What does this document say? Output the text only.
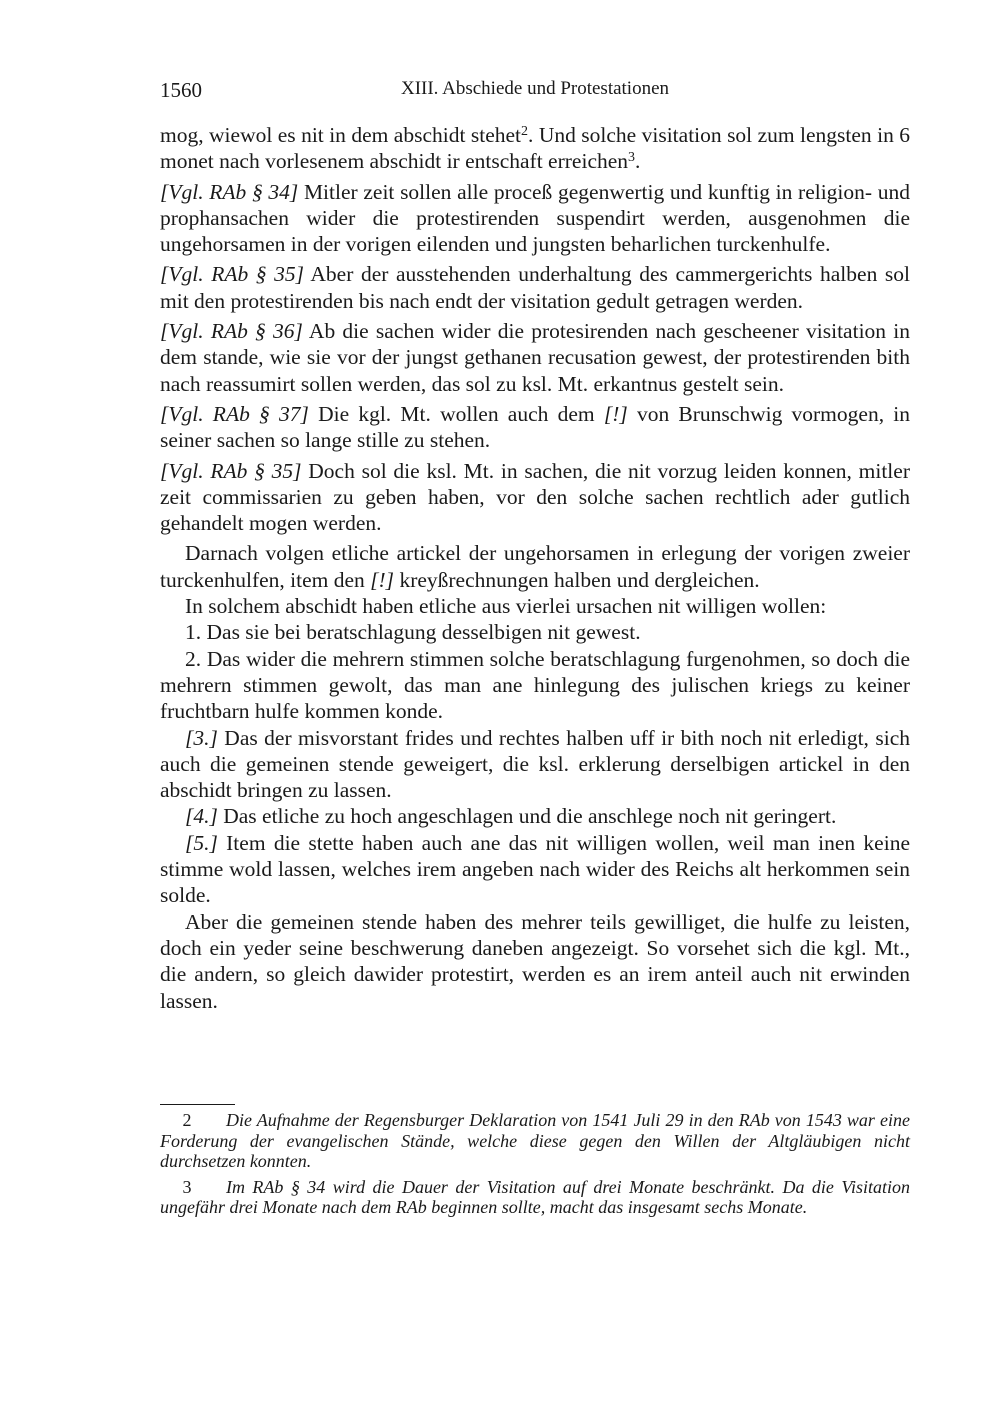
1560	XIII. Abschiede und Protestationen

mog, wiewol es nit in dem abschidt stehet$^2$. Und solche visitation sol zum lengsten in 6 monet nach vorlesenem abschidt ir entschaft erreichen$^3$.

[Vgl. RAb § 34] Mitler zeit sollen alle proceß gegenwertig und kunftig in religion- und prophansachen wider die protestirenden suspendirt werden, ausgenohmen die ungehorsamen in der vorigen eilenden und jungsten beharlichen turckenhulfe.

[Vgl. RAb § 35] Aber der ausstehenden underhaltung des cammergerichts halben sol mit den protestirenden bis nach endt der visitation gedult getragen werden.

[Vgl. RAb § 36] Ab die sachen wider die protesirenden nach gescheener visitation in dem stande, wie sie vor der jungst gethanen recusation gewest, der protestirenden bith nach reassumirt sollen werden, das sol zu ksl. Mt. erkantnus gestelt sein.

[Vgl. RAb § 37] Die kgl. Mt. wollen auch dem [!] von Brunschwig vormogen, in seiner sachen so lange stille zu stehen.

[Vgl. RAb § 35] Doch sol die ksl. Mt. in sachen, die nit vorzug leiden konnen, mitler zeit commissarien zu geben haben, vor den solche sachen rechtlich ader gutlich gehandelt mogen werden.

Darnach volgen etliche artickel der ungehorsamen in erlegung der vorigen zweier turckenhulfen, item den [!] kreyßrechnungen halben und dergleichen.

In solchem abschidt haben etliche aus vierlei ursachen nit willigen wollen:

1. Das sie bei beratschlagung desselbigen nit gewest.

2. Das wider die mehrern stimmen solche beratschlagung furgenohmen, so doch die mehrern stimmen gewolt, das man ane hinlegung des julischen kriegs zu keiner fruchtbarn hulfe kommen konde.

[3.] Das der misvorstant frides und rechtes halben uff ir bith noch nit erledigt, sich auch die gemeinen stende geweigert, die ksl. erklerung derselbigen artickel in den abschidt bringen zu lassen.

[4.] Das etliche zu hoch angeschlagen und die anschlege noch nit geringert.

[5.] Item die stette haben auch ane das nit willigen wollen, weil man inen keine stimme wold lassen, welches irem angeben nach wider des Reichs alt herkommen sein solde.

Aber die gemeinen stende haben des mehrer teils gewilliget, die hulfe zu leisten, doch ein yeder seine beschwerung daneben angezeigt. So vorsehet sich die kgl. Mt., die andern, so gleich dawider protestirt, werden es an irem anteil auch nit erwinden lassen.

2 Die Aufnahme der Regensburger Deklaration von 1541 Juli 29 in den RAb von 1543 war eine Forderung der evangelischen Stände, welche diese gegen den Willen der Altgläubigen nicht durchsetzen konnten.

3 Im RAb § 34 wird die Dauer der Visitation auf drei Monate beschränkt. Da die Visitation ungefähr drei Monate nach dem RAb beginnen sollte, macht das insgesamt sechs Monate.
